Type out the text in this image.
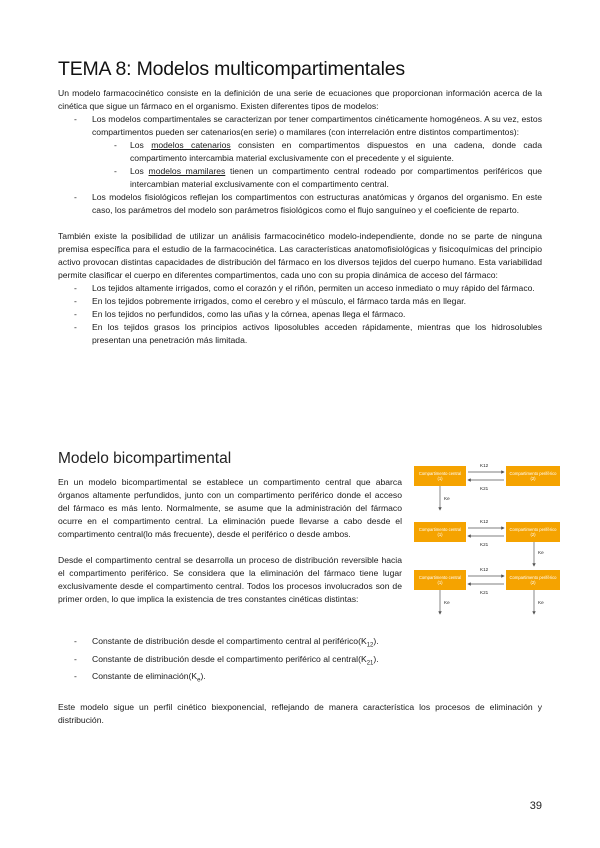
TEMA 8: Modelos multicompartimentales

Un modelo farmacocinético consiste en la definición de una serie de ecuaciones que proporcionan información acerca de la cinética que sigue un fármaco en el organismo. Existen diferentes tipos de modelos:

- Los modelos compartimentales se caracterizan por tener compartimentos cinéticamente homogéneos. A su vez, estos compartimentos pueden ser catenarios(en serie) o mamilares (con interrelación entre distintos compartimentos):
- Los modelos catenarios consisten en compartimentos dispuestos en una cadena, donde cada compartimento intercambia material exclusivamente con el precedente y el siguiente.
- Los modelos mamilares tienen un compartimento central rodeado por compartimentos periféricos que intercambian material exclusivamente con el compartimento central.
- Los modelos fisiológicos reflejan los compartimentos con estructuras anatómicas y órganos del organismo. En este caso, los parámetros del modelo son parámetros fisiológicos como el flujo sanguíneo y el coeficiente de reparto.

También existe la posibilidad de utilizar un análisis farmacocinético modelo-independiente, donde no se parte de ninguna premisa específica para el estudio de la farmacocinética. Las características anatomofisiológicas y fisicoquímicas del principio activo provocan distintas capacidades de distribución del fármaco en los diversos tejidos del cuerpo humano. Esta variabilidad permite clasificar el cuerpo en diferentes compartimentos, cada uno con su propia dinámica de acceso del fármaco:

- Los tejidos altamente irrigados, como el corazón y el riñón, permiten un acceso inmediato o muy rápido del fármaco.
- En los tejidos pobremente irrigados, como el cerebro y el músculo, el fármaco tarda más en llegar.
- En los tejidos no perfundidos, como las uñas y la córnea, apenas llega el fármaco.
- En los tejidos grasos los principios activos liposolubles acceden rápidamente, mientras que los hidrosolubles presentan una penetración más limitada.
Modelo bicompartimental

En un modelo bicompartimental se establece un compartimento central que abarca órganos altamente perfundidos, junto con un compartimento periférico donde el acceso del fármaco es más lento. Normalmente, se asume que la administración del fármaco ocurre en el compartimento central. La eliminación puede llevarse a cabo desde el compartimento central(lo más frecuente), desde el periférico o desde ambos.

Desde el compartimento central se desarrolla un proceso de distribución reversible hacia el compartimento periférico. Se considera que la eliminación del fármaco tiene lugar exclusivamente desde el compartimento central. Todos los procesos involucrados son de primer orden, lo que implica la existencia de tres constantes cinéticas distintas:

- Constante de distribución desde el compartimento central al $periférico(K_{12})$.
- Constante de distribución desde el compartimento periférico al $central(K_{21})$.
- Constante de $eliminación(K_e)$.

Este modelo sigue un perfil cinético biexponencial, reflejando de manera característica los procesos de eliminación y distribución.

Compartimento central (1)
Compartimento periférico (2)
K12
K21
Ke
Compartimento central (1)
Compartimento periférico (2)
K12
K21
Ke
Compartimento central (1)
Compartimento periférico (2)
K12
K21
Ke	Ke
39
